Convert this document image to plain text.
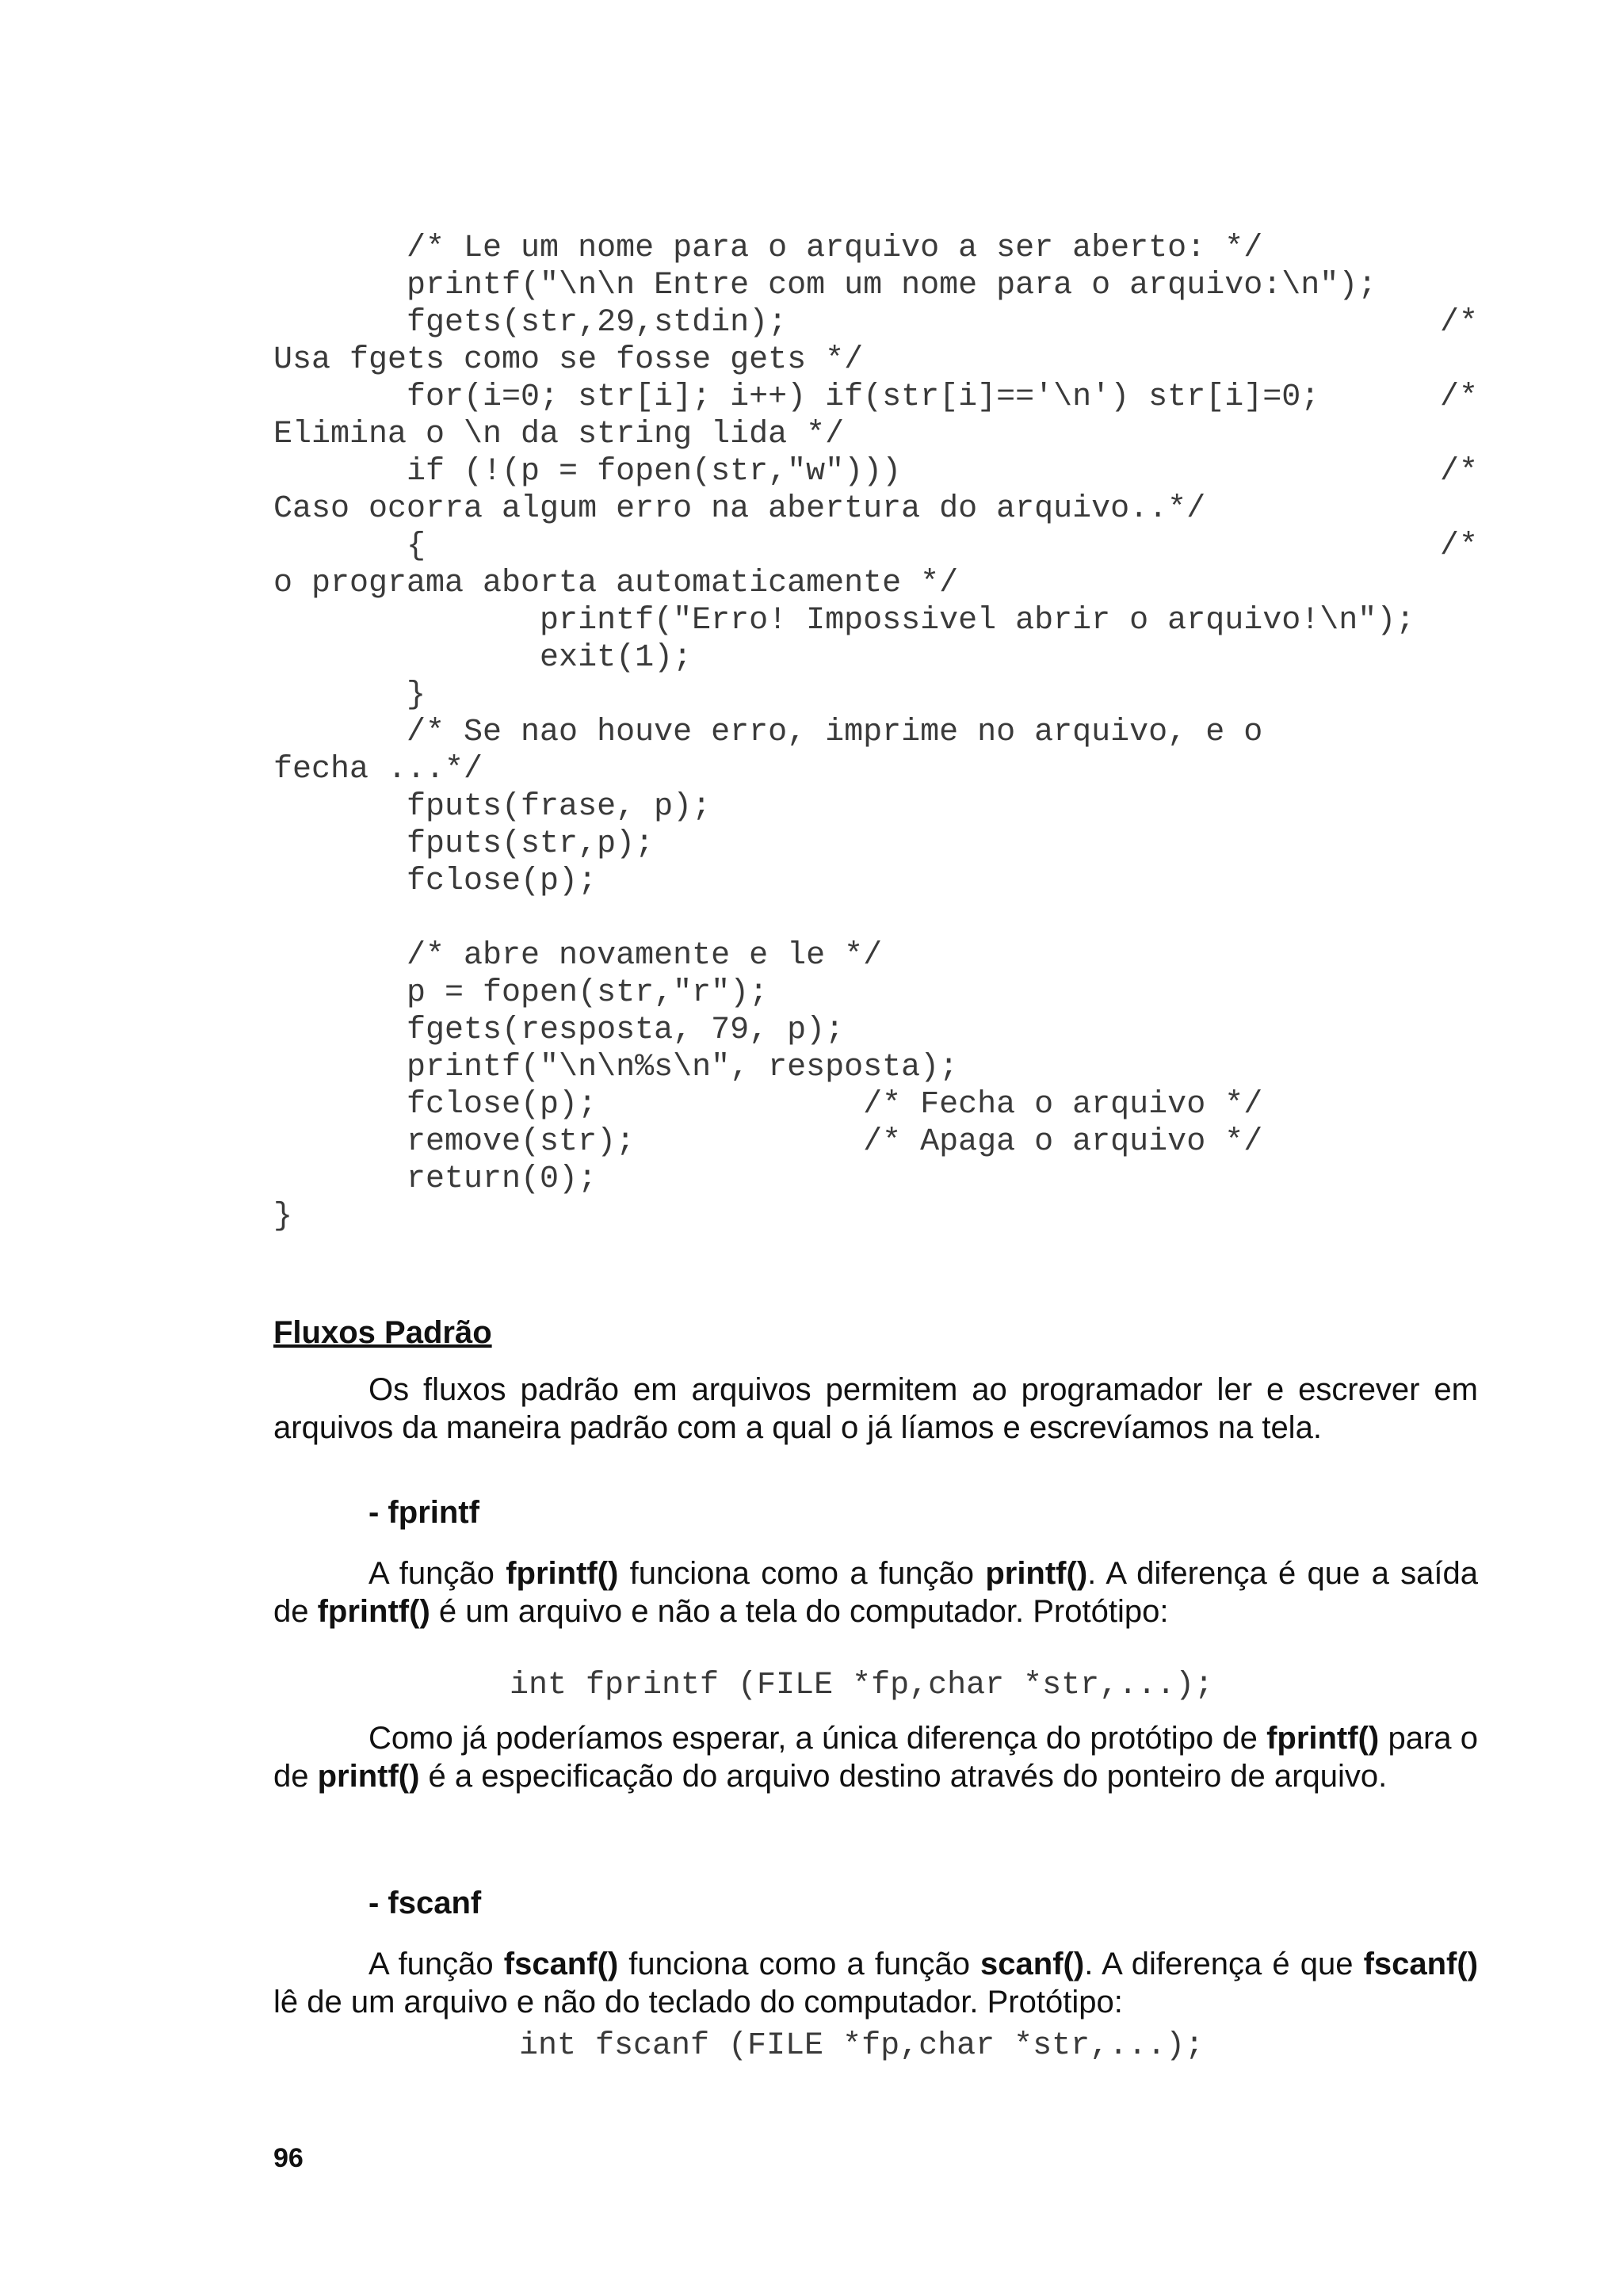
/* Le um nome para o arquivo a ser aberto: */
printf("\n\n Entre com um nome para o arquivo:\n");
fgets(str,29,stdin);	/*
Usa fgets como se fosse gets */
for(i=0; str[i]; i++) if(str[i]=='\n') str[i]=0;	/*
Elimina o \n da string lida */
if (!(p = fopen(str,"w")))	/*
Caso ocorra algum erro na abertura do arquivo..*/
{	/*
o programa aborta automaticamente */
printf("Erro! Impossivel abrir o arquivo!\n");
exit(1);
}
/* Se nao houve erro, imprime no arquivo, e o
fecha ...*/
fputs(frase, p);
fputs(str,p);
fclose(p);
/* abre novamente e le */
p = fopen(str,"r");
fgets(resposta, 79, p);
printf("\n\n%s\n", resposta);
fclose(p);              /* Fecha o arquivo */
remove(str);            /* Apaga o arquivo */
return(0);
}
Fluxos Padrão
Os fluxos padrão em arquivos permitem ao programador ler e escrever em arquivos da maneira padrão com a qual o já líamos e escrevíamos na tela.
- fprintf
A função fprintf() funciona como a função printf(). A diferença é que a saída de fprintf() é um arquivo e não a tela do computador. Protótipo:
int fprintf (FILE *fp,char *str,...);
Como já poderíamos esperar, a única diferença do protótipo de fprintf() para o de printf() é a especificação do arquivo destino através do ponteiro de arquivo.
- fscanf
A função fscanf() funciona como a função scanf(). A diferença é que fscanf() lê de um arquivo e não do teclado do computador. Protótipo:
int fscanf (FILE *fp,char *str,...);
96
